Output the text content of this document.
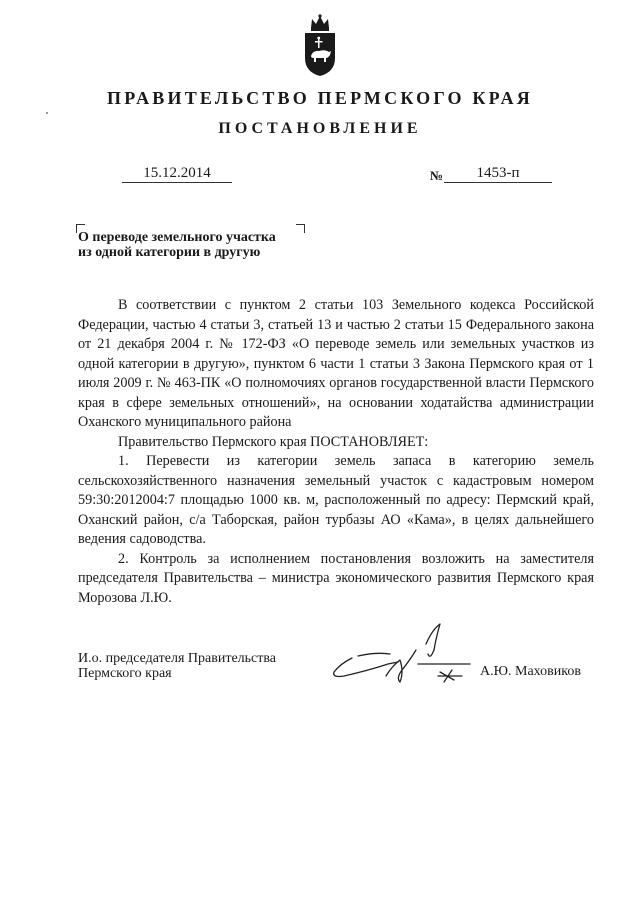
ПРАВИТЕЛЬСТВО ПЕРМСКОГО КРАЯ
ПОСТАНОВЛЕНИЕ
15.12.2014	№	1453-п
О переводе земельного участка
из одной категории в другую

В соответствии с пунктом 2 статьи 103 Земельного кодекса Российской Федерации, частью 4 статьи 3, статьей 13 и частью 2 статьи 15 Федерального закона от 21 декабря 2004 г. № 172-ФЗ «О переводе земель или земельных участков из одной категории в другую», пунктом 6 части 1 статьи 3 Закона Пермского края от 1 июля 2009 г. № 463-ПК «О полномочиях органов государственной власти Пермского края в сфере земельных отношений», на основании ходатайства администрации Оханского муниципального района

Правительство Пермского края ПОСТАНОВЛЯЕТ:

1. Перевести из категории земель запаса в категорию земель сельскохозяйственного назначения земельный участок с кадастровым номером 59:30:2012004:7 площадью 1000 кв. м, расположенный по адресу: Пермский край, Оханский район, с/а Таборская, район турбазы АО «Кама», в целях дальнейшего ведения садоводства.

2. Контроль за исполнением постановления возложить на заместителя председателя Правительства – министра экономического развития Пермского края Морозова Л.Ю.

И.о. председателя Правительства
Пермского края	А.Ю. Маховиков
